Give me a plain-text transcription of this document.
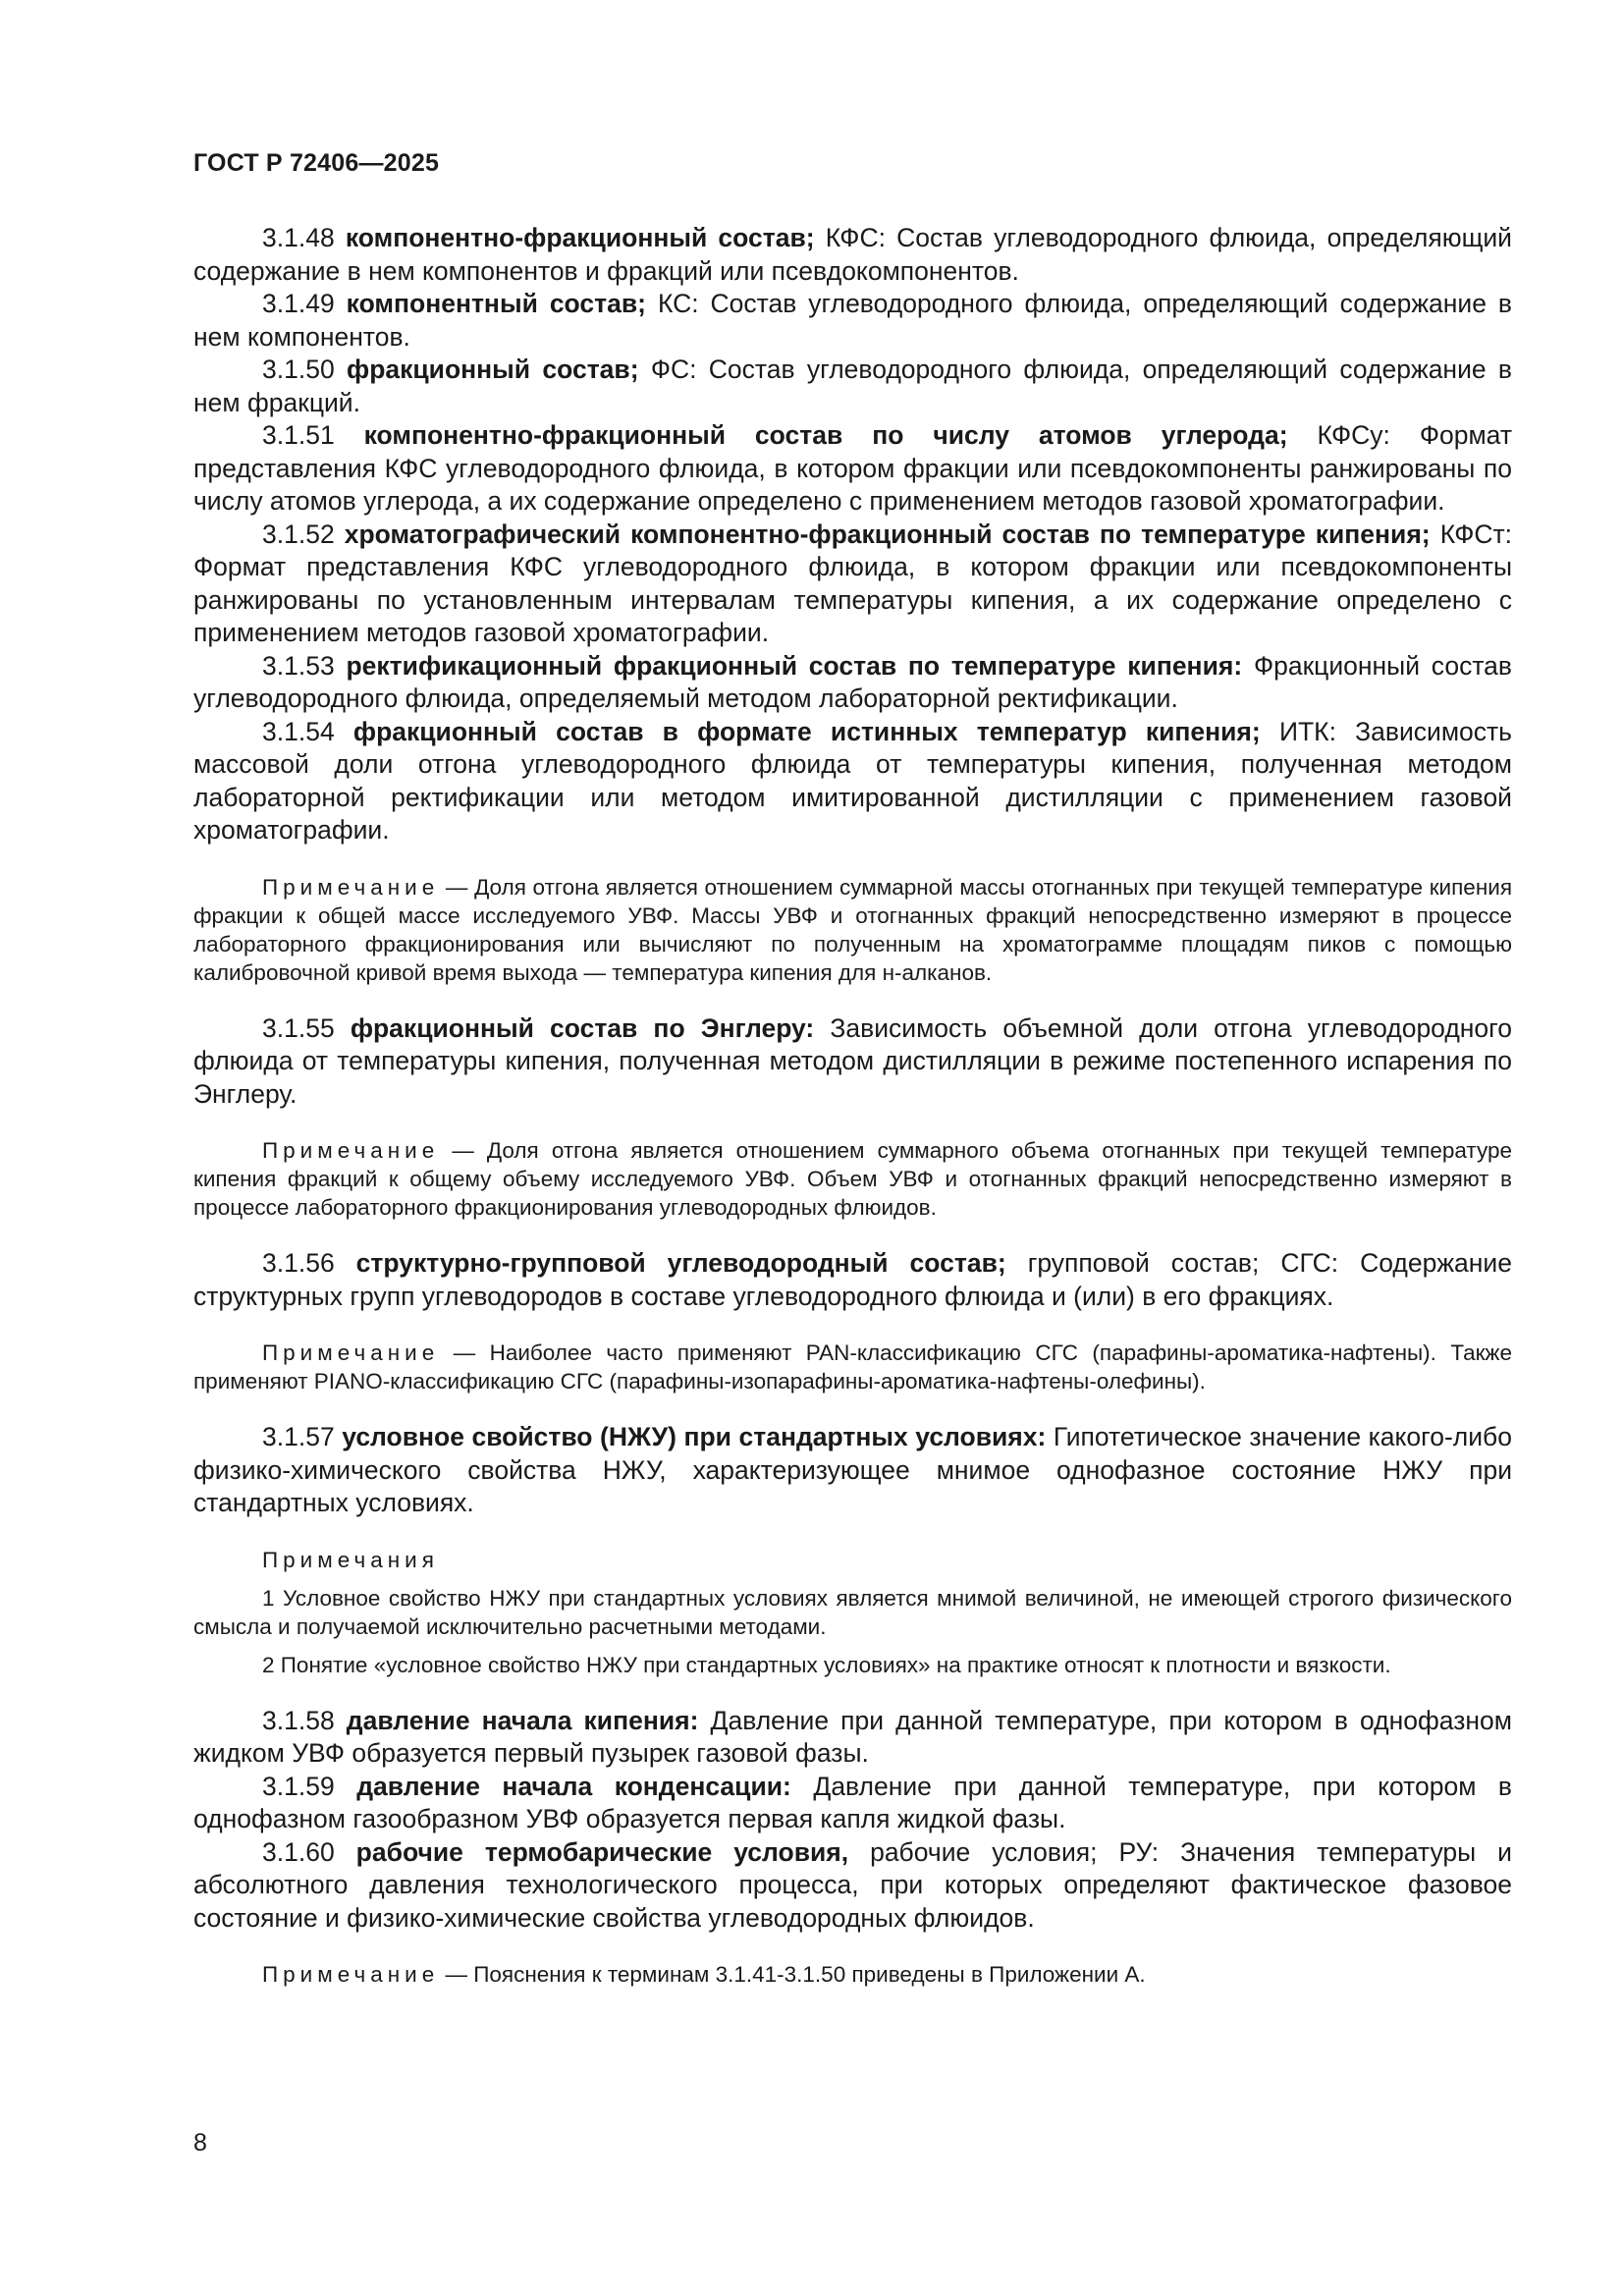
ГОСТ Р 72406—2025

3.1.48 компонентно-фракционный состав; КФС: Состав углеводородного флюида, определяющий содержание в нем компонентов и фракций или псевдокомпонентов.

3.1.49 компонентный состав; КС: Состав углеводородного флюида, определяющий содержание в нем компонентов.

3.1.50 фракционный состав; ФС: Состав углеводородного флюида, определяющий содержание в нем фракций.

3.1.51 компонентно-фракционный состав по числу атомов углерода; КФСу: Формат представления КФС углеводородного флюида, в котором фракции или псевдокомпоненты ранжированы по числу атомов углерода, а их содержание определено с применением методов газовой хроматографии.

3.1.52 хроматографический компонентно-фракционный состав по температуре кипения; КФСт: Формат представления КФС углеводородного флюида, в котором фракции или псевдокомпоненты ранжированы по установленным интервалам температуры кипения, а их содержание определено с применением методов газовой хроматографии.

3.1.53 ректификационный фракционный состав по температуре кипения: Фракционный состав углеводородного флюида, определяемый методом лабораторной ректификации.

3.1.54 фракционный состав в формате истинных температур кипения; ИТК: Зависимость массовой доли отгона углеводородного флюида от температуры кипения, полученная методом лабораторной ректификации или методом имитированной дистилляции с применением газовой хроматографии.

Примечание — Доля отгона является отношением суммарной массы отогнанных при текущей температуре кипения фракции к общей массе исследуемого УВФ. Массы УВФ и отогнанных фракций непосредственно измеряют в процессе лабораторного фракционирования или вычисляют по полученным на хроматограмме площадям пиков с помощью калибровочной кривой время выхода — температура кипения для н-алканов.

3.1.55 фракционный состав по Энглеру: Зависимость объемной доли отгона углеводородного флюида от температуры кипения, полученная методом дистилляции в режиме постепенного испарения по Энглеру.

Примечание — Доля отгона является отношением суммарного объема отогнанных при текущей температуре кипения фракций к общему объему исследуемого УВФ. Объем УВФ и отогнанных фракций непосредственно измеряют в процессе лабораторного фракционирования углеводородных флюидов.

3.1.56 структурно-групповой углеводородный состав; групповой состав; СГС: Содержание структурных групп углеводородов в составе углеводородного флюида и (или) в его фракциях.

Примечание — Наиболее часто применяют PAN-классификацию СГС (парафины-ароматика-нафтены). Также применяют PIANO-классификацию СГС (парафины-изопарафины-ароматика-нафтены-олефины).

3.1.57 условное свойство (НЖУ) при стандартных условиях: Гипотетическое значение какого-либо физико-химического свойства НЖУ, характеризующее мнимое однофазное состояние НЖУ при стандартных условиях.

Примечания

1 Условное свойство НЖУ при стандартных условиях является мнимой величиной, не имеющей строгого физического смысла и получаемой исключительно расчетными методами.

2 Понятие «условное свойство НЖУ при стандартных условиях» на практике относят к плотности и вязкости.

3.1.58 давление начала кипения: Давление при данной температуре, при котором в однофазном жидком УВФ образуется первый пузырек газовой фазы.

3.1.59 давление начала конденсации: Давление при данной температуре, при котором в однофазном газообразном УВФ образуется первая капля жидкой фазы.

3.1.60 рабочие термобарические условия, рабочие условия; РУ: Значения температуры и абсолютного давления технологического процесса, при которых определяют фактическое фазовое состояние и физико-химические свойства углеводородных флюидов.

Примечание — Пояснения к терминам 3.1.41-3.1.50 приведены в Приложении А.

8
